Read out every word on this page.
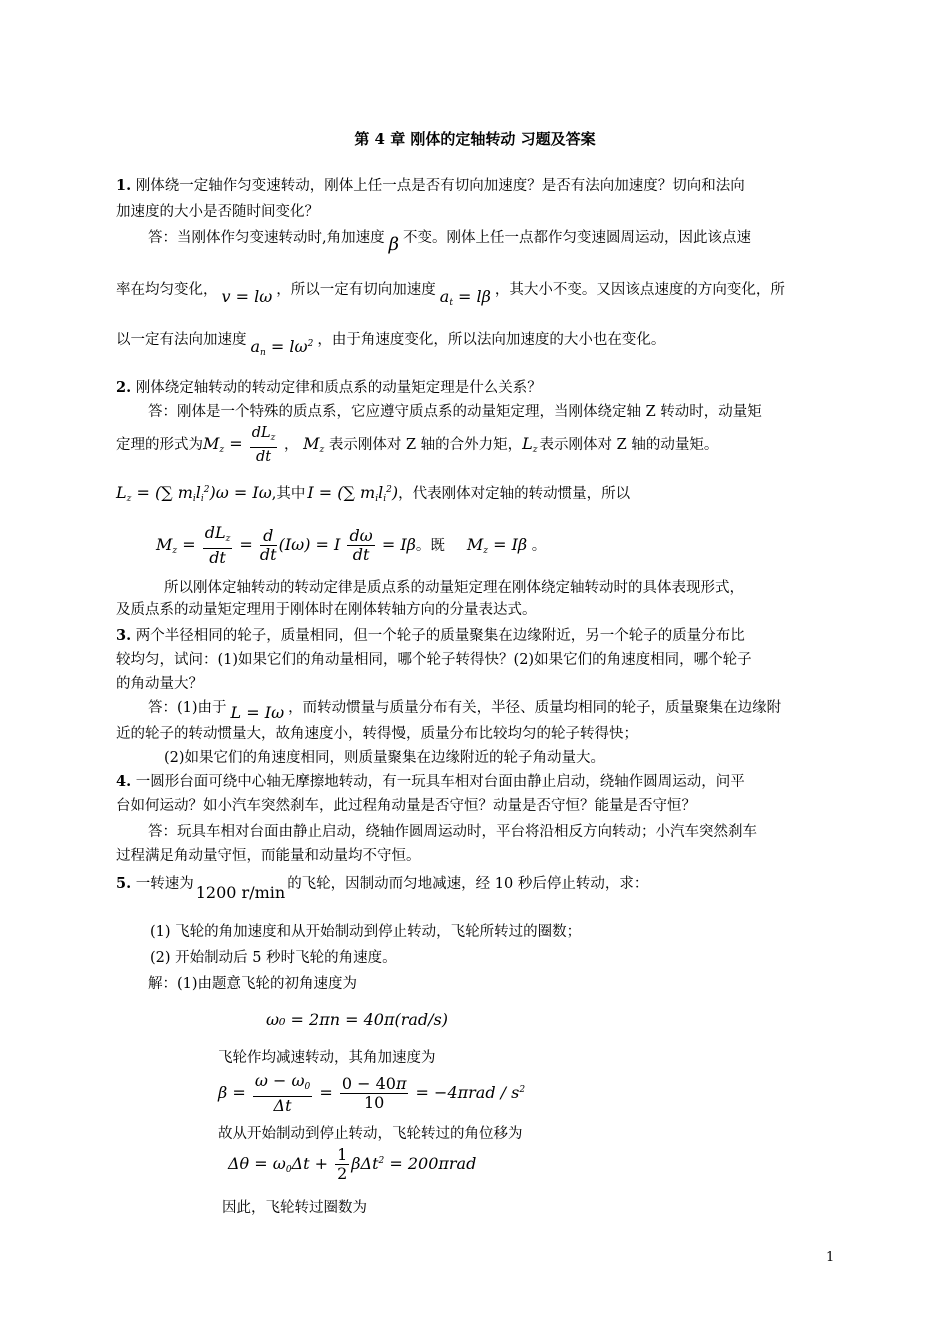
第 4 章 刚体的定轴转动 习题及答案
1. 刚体绕一定轴作匀变速转动，刚体上任一点是否有切向加速度？是否有法向加速度？切向和法向
加速度的大小是否随时间变化？
答：当刚体作匀变速转动时,角加速度 β 不变。刚体上任一点都作匀变速圆周运动，因此该点速
率在均匀变化， v = lω ，所以一定有切向加速度 $a_t = l\beta$ ，其大小不变。又因该点速度的方向变化，所
以一定有法向加速度 $a_n = l\omega^2$ ，由于角速度变化，所以法向加速度的大小也在变化。
2. 刚体绕定轴转动的转动定律和质点系的动量矩定理是什么关系？
答：刚体是一个特殊的质点系，它应遵守质点系的动量矩定理，当刚体绕定轴 Z 转动时，动量矩
定理的形式为$M_z = \frac{dL_z}{dt}$ ， $M_z$ 表示刚体对 Z 轴的合外力矩，$L_z$ 表示刚体对 Z 轴的动量矩。
$L_z$ = (∑ $m_il_i^2)\omega = I\omega$,其中 I = (∑ $m_il_i^2$)，代表刚体对定轴的转动惯量，所以
$M_z = \frac{dL_z}{dt} = \frac{d}{dt} (I\omega) = I \frac{d\omega}{dt} = I\beta$。既 $M_z = I\beta$ 。
所以刚体定轴转动的转动定律是质点系的动量矩定理在刚体绕定轴转动时的具体表现形式，
及质点系的动量矩定理用于刚体时在刚体转轴方向的分量表达式。
3. 两个半径相同的轮子，质量相同，但一个轮子的质量聚集在边缘附近，另一个轮子的质量分布比
较均匀，试问：(1)如果它们的角动量相同，哪个轮子转得快？(2)如果它们的角速度相同，哪个轮子
的角动量大？
答：(1)由于 L = Iω ，而转动惯量与质量分布有关，半径、质量均相同的轮子，质量聚集在边缘附
近的轮子的转动惯量大，故角速度小，转得慢，质量分布比较均匀的轮子转得快；
(2)如果它们的角速度相同，则质量聚集在边缘附近的轮子角动量大。
4. 一圆形台面可绕中心轴无摩擦地转动，有一玩具车相对台面由静止启动，绕轴作圆周运动，问平
台如何运动？如小汽车突然刹车，此过程角动量是否守恒？动量是否守恒？能量是否守恒？
答：玩具车相对台面由静止启动，绕轴作圆周运动时，平台将沿相反方向转动；小汽车突然刹车
过程满足角动量守恒，而能量和动量均不守恒。
5. 一转速为 1200 r/min 的飞轮，因制动而匀地减速，经 10 秒后停止转动，求：
(1) 飞轮的角加速度和从开始制动到停止转动，飞轮所转过的圈数；
(2) 开始制动后 5 秒时飞轮的角速度。
解：(1)由题意飞轮的初角速度为
ω₀ = 2πn = 40π(rad/s)
飞轮作均减速转动，其角加速度为
$\beta = \frac{\omega - \omega_0}{\Delta t} = \frac{0 - 40\pi}{10} = -4\pi rad / s^2$
故从开始制动到停止转动，飞轮转过的角位移为
$\Delta\theta = \omega_0\Delta t + \frac{1}{2} \beta\Delta t^2 = 200\pi rad$
因此，飞轮转过圈数为
1
